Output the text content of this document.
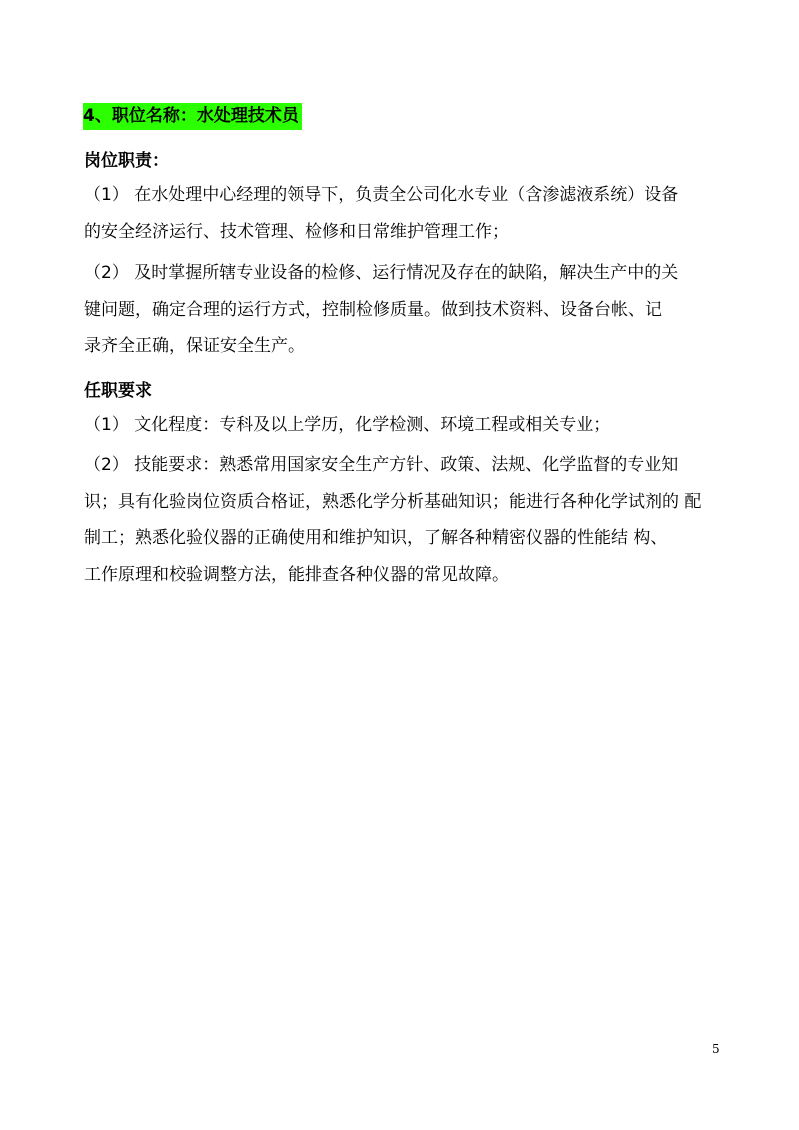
4、职位名称：水处理技术员
岗位职责：
（1） 在水处理中心经理的领导下，负责全公司化水专业（含渗滤液系统）设备
的安全经济运行、技术管理、检修和日常维护管理工作；
（2） 及时掌握所辖专业设备的检修、运行情况及存在的缺陷，解决生产中的关
键问题，确定合理的运行方式，控制检修质量。做到技术资料、设备台帐、记
录齐全正确，保证安全生产。
任职要求
（1） 文化程度：专科及以上学历，化学检测、环境工程或相关专业；
（2） 技能要求：熟悉常用国家安全生产方针、政策、法规、化学监督的专业知
识；具有化验岗位资质合格证，熟悉化学分析基础知识；能进行各种化学试剂的 配
制工；熟悉化验仪器的正确使用和维护知识，了解各种精密仪器的性能结 构、
工作原理和校验调整方法，能排查各种仪器的常见故障。
5
